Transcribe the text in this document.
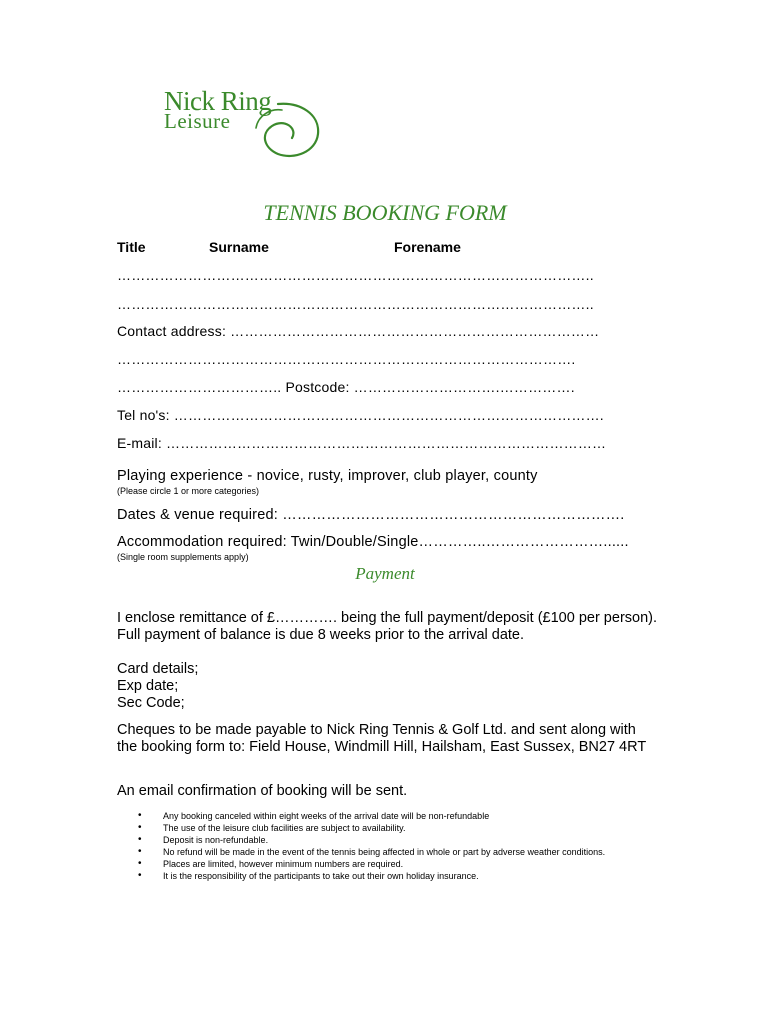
Nick Ring
Leisure
TENNIS BOOKING FORM
Title	Surname	Forename
………………………………………………………………………………………..
………………………………………………………………………………………..
Contact address: ……………………………………………………………………
…………………………………………………………………………………….
…………………………….. Postcode: ………………………….…………….
Tel no's: ……………………………………………………………………………….
E-mail: …………………………………………………………………………………
Playing experience - novice, rusty, improver, club player, county
(Please circle 1 or more categories)
Dates & venue required: …………………………………………………………….
Accommodation required: Twin/Double/Single…………..……………………......
(Single room supplements apply)
Payment
I enclose remittance of £…………. being the full payment/deposit (£100 per person). Full payment of balance is due 8 weeks prior to the arrival date.
Card details;
Exp date;
Sec Code;
Cheques to be made payable to Nick Ring Tennis & Golf Ltd. and sent along with the booking form to: Field House, Windmill Hill, Hailsham, East Sussex, BN27 4RT
An email confirmation of booking will be sent.
•	Any booking canceled within eight weeks of the arrival date will be non-refundable
•	The use of the leisure club facilities are subject to availability.
•	Deposit is non-refundable.
•	No refund will be made in the event of the tennis being affected in whole or part by adverse weather conditions.
•	Places are limited, however minimum numbers are required.
•	It is the responsibility of the participants to take out their own holiday insurance.
